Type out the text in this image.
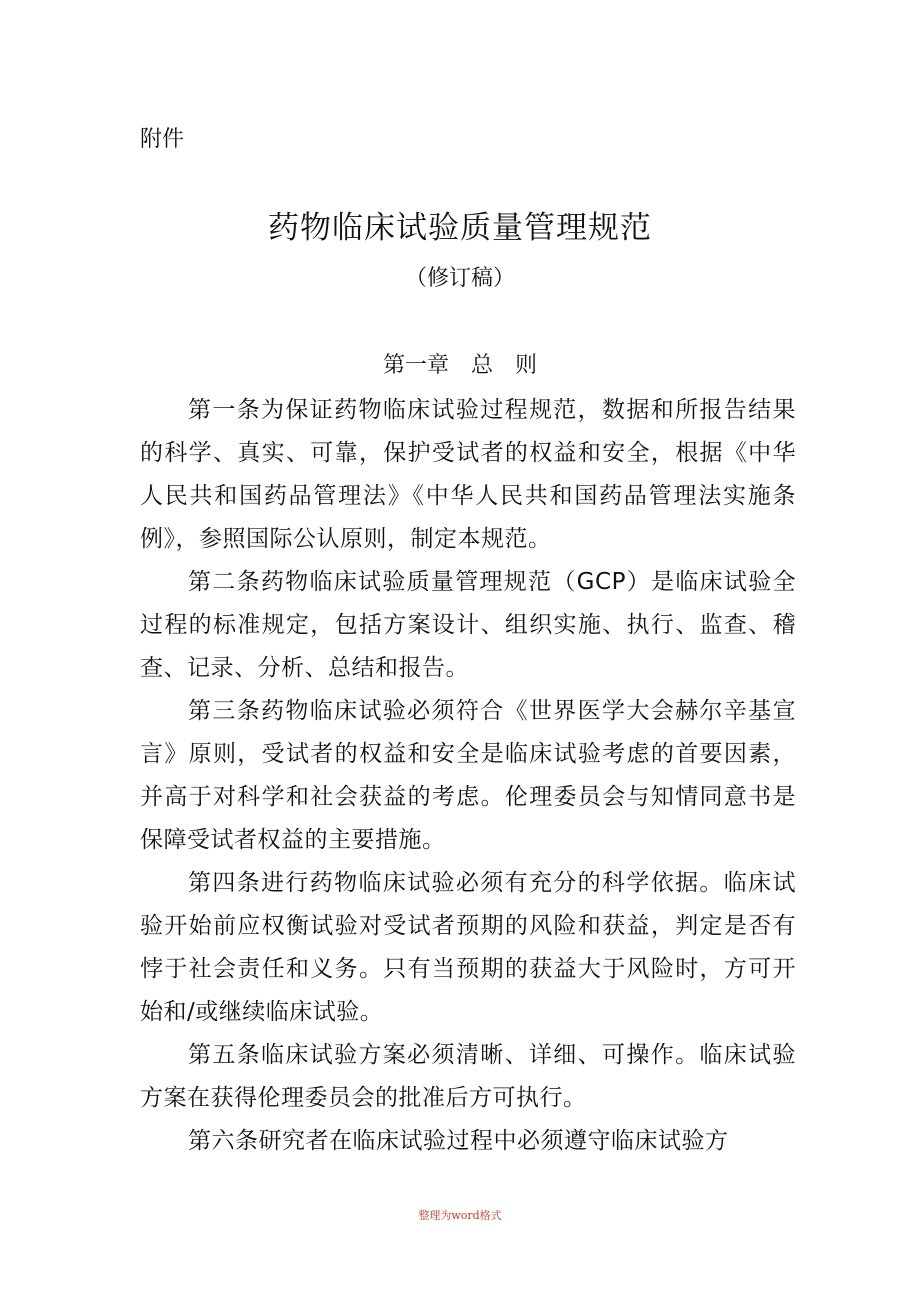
附件

药物临床试验质量管理规范

（修订稿）

第一章　总　则

第一条为保证药物临床试验过程规范，数据和所报告结果的科学、真实、可靠，保护受试者的权益和安全，根据《中华人民共和国药品管理法》《中华人民共和国药品管理法实施条例》，参照国际公认原则，制定本规范。

第二条药物临床试验质量管理规范（GCP）是临床试验全过程的标准规定，包括方案设计、组织实施、执行、监查、稽查、记录、分析、总结和报告。

第三条药物临床试验必须符合《世界医学大会赫尔辛基宣言》原则，受试者的权益和安全是临床试验考虑的首要因素，并高于对科学和社会获益的考虑。伦理委员会与知情同意书是保障受试者权益的主要措施。

第四条进行药物临床试验必须有充分的科学依据。临床试验开始前应权衡试验对受试者预期的风险和获益，判定是否有悖于社会责任和义务。只有当预期的获益大于风险时，方可开始和/或继续临床试验。

第五条临床试验方案必须清晰、详细、可操作。临床试验方案在获得伦理委员会的批准后方可执行。

第六条研究者在临床试验过程中必须遵守临床试验方

整理为word格式
